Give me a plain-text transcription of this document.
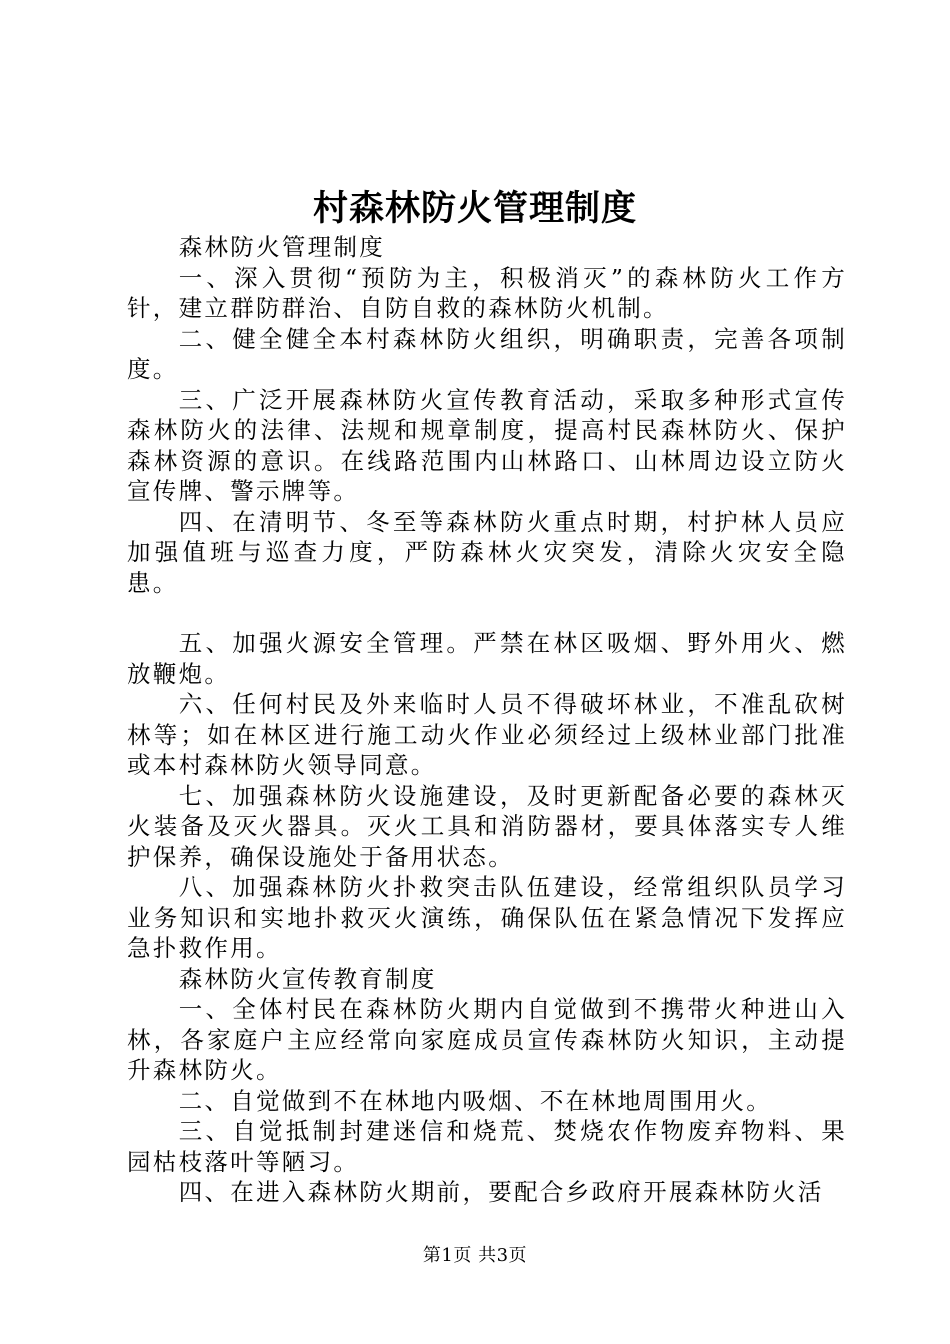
村森林防火管理制度

森林防火管理制度

一、深入贯彻“预防为主，积极消灭”的森林防火工作方针，建立群防群治、自防自救的森林防火机制。

二、健全健全本村森林防火组织，明确职责，完善各项制度。

三、广泛开展森林防火宣传教育活动，采取多种形式宣传森林防火的法律、法规和规章制度，提高村民森林防火、保护森林资源的意识。在线路范围内山林路口、山林周边设立防火宣传牌、警示牌等。

四、在清明节、冬至等森林防火重点时期，村护林人员应加强值班与巡查力度，严防森林火灾突发，清除火灾安全隐患。

五、加强火源安全管理。严禁在林区吸烟、野外用火、燃放鞭炮。

六、任何村民及外来临时人员不得破坏林业，不准乱砍树林等；如在林区进行施工动火作业必须经过上级林业部门批准或本村森林防火领导同意。

七、加强森林防火设施建设，及时更新配备必要的森林灭火装备及灭火器具。灭火工具和消防器材，要具体落实专人维护保养，确保设施处于备用状态。

八、加强森林防火扑救突击队伍建设，经常组织队员学习业务知识和实地扑救灭火演练，确保队伍在紧急情况下发挥应急扑救作用。

森林防火宣传教育制度

一、全体村民在森林防火期内自觉做到不携带火种进山入林，各家庭户主应经常向家庭成员宣传森林防火知识，主动提升森林防火。

二、自觉做到不在林地内吸烟、不在林地周围用火。

三、自觉抵制封建迷信和烧荒、焚烧农作物废弃物料、果园枯枝落叶等陋习。

四、在进入森林防火期前，要配合乡政府开展森林防火活

第1页 共3页
